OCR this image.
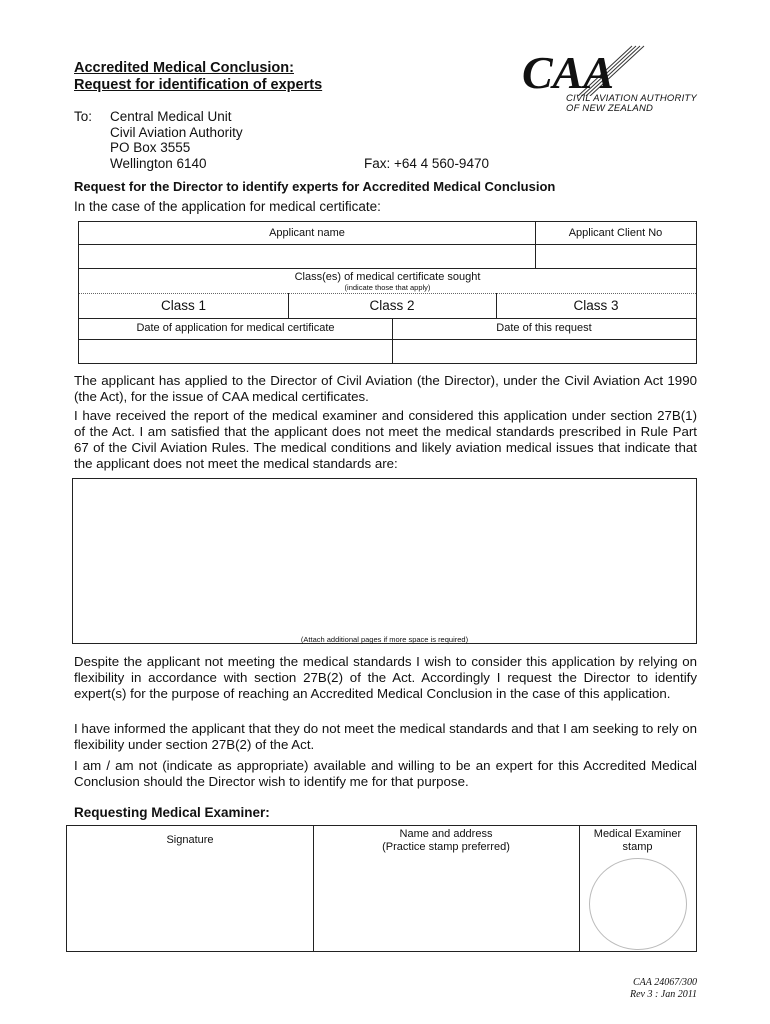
Accredited Medical Conclusion:
Request for identification of experts	CAA
CIVIL AVIATION AUTHORITY
OF NEW ZEALAND
To: Central Medical Unit
Civil Aviation Authority
PO Box 3555
Wellington 6140	Fax: +64 4 560-9470
Request for the Director to identify experts for Accredited Medical Conclusion
In the case of the application for medical certificate:
Applicant name	Applicant Client No
Class(es) of medical certificate sought
(indicate those that apply)
Class 1	Class 2	Class 3
Date of application for medical certificate	Date of this request
The applicant has applied to the Director of Civil Aviation (the Director), under the Civil Aviation Act 1990 (the Act), for the issue of CAA medical certificates.
I have received the report of the medical examiner and considered this application under section 27B(1) of the Act. I am satisfied that the applicant does not meet the medical standards prescribed in Rule Part 67 of the Civil Aviation Rules. The medical conditions and likely aviation medical issues that indicate that the applicant does not meet the medical standards are:
(Attach additional pages if more space is required)
Despite the applicant not meeting the medical standards I wish to consider this application by relying on flexibility in accordance with section 27B(2) of the Act. Accordingly I request the Director to identify expert(s) for the purpose of reaching an Accredited Medical Conclusion in the case of this application.
I have informed the applicant that they do not meet the medical standards and that I am seeking to rely on flexibility under section 27B(2) of the Act.
I am / am not (indicate as appropriate) available and willing to be an expert for this Accredited Medical Conclusion should the Director wish to identify me for that purpose.
Requesting Medical Examiner:
Signature	Name and address
(Practice stamp preferred)
Medical Examiner
stamp
CAA 24067/300
Rev 3 : Jan 2011
